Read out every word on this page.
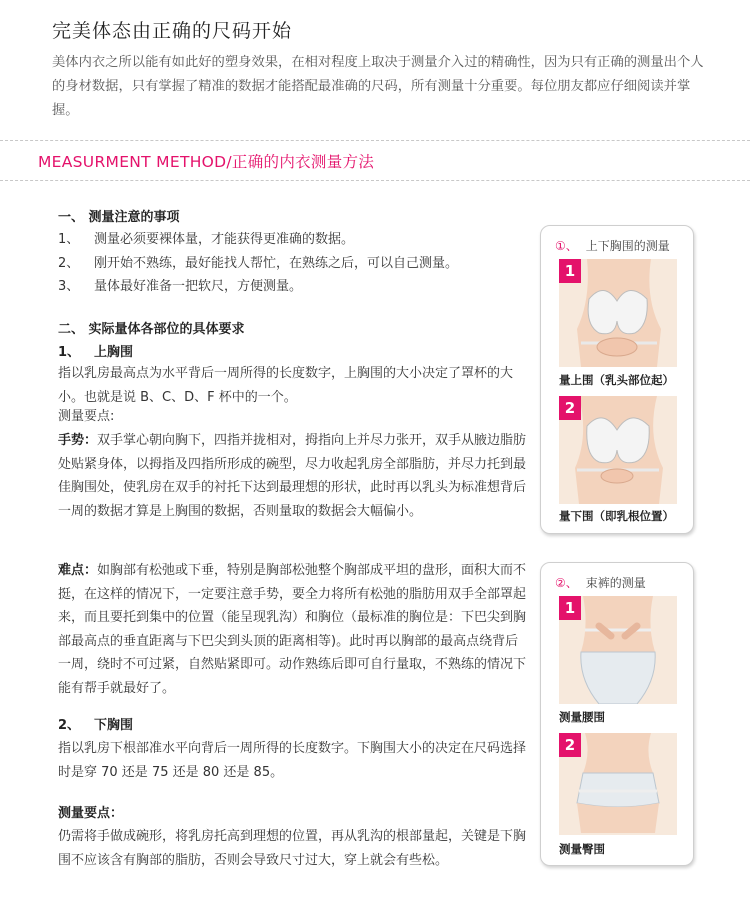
完美体态由正确的尺码开始
美体内衣之所以能有如此好的塑身效果，在相对程度上取决于测量介入过的精确性，因为只有正确的测量出个人的身材数据，只有掌握了精准的数据才能搭配最准确的尺码，所有测量十分重要。每位朋友都应仔细阅读并掌握。
MEASURMENT METHOD/正确的内衣测量方法
一、 测量注意的事项
1、 测量必须要裸体量，才能获得更准确的数据。
2、 刚开始不熟练，最好能找人帮忙，在熟练之后，可以自己测量。
3、 量体最好准备一把软尺，方便测量。
二、 实际量体各部位的具体要求
1、 上胸围
指以乳房最高点为水平背后一周所得的长度数字，上胸围的大小决定了罩杯的大小。也就是说 B、C、D、F 杯中的一个。
测量要点:
手势：双手掌心朝向胸下，四指并拢相对，拇指向上并尽力张开，双手从腋边脂肪处贴紧身体，以拇指及四指所形成的碗型，尽力收起乳房全部脂肪，并尽力托到最佳胸围处，使乳房在双手的衬托下达到最理想的形状，此时再以乳头为标准想背后一周的数据才算是上胸围的数据，否则量取的数据会大幅偏小。
难点：如胸部有松弛或下垂，特别是胸部松弛整个胸部成平坦的盘形，面积大而不挺，在这样的情况下，一定要注意手势，要全力将所有松弛的脂肪用双手全部罩起来，而且要托到集中的位置（能呈现乳沟）和胸位（最标准的胸位是：下巴尖到胸部最高点的垂直距离与下巴尖到头顶的距离相等)。此时再以胸部的最高点绕背后一周，绕时不可过紧，自然贴紧即可。动作熟练后即可自行量取，不熟练的情况下能有帮手就最好了。
2、 下胸围
指以乳房下根部准水平向背后一周所得的长度数字。下胸围大小的决定在尺码选择时是穿 70 还是 75 还是 80 还是 85。
测量要点：
仍需将手做成碗形，将乳房托高到理想的位置，再从乳沟的根部量起，关键是下胸围不应该含有胸部的脂肪，否则会导致尺寸过大，穿上就会有些松。
①、 上下胸围的测量
1
量上围（乳头部位起）
2
量下围（即乳根位置）
②、 束裤的测量
1
测量腰围
2
测量臀围
